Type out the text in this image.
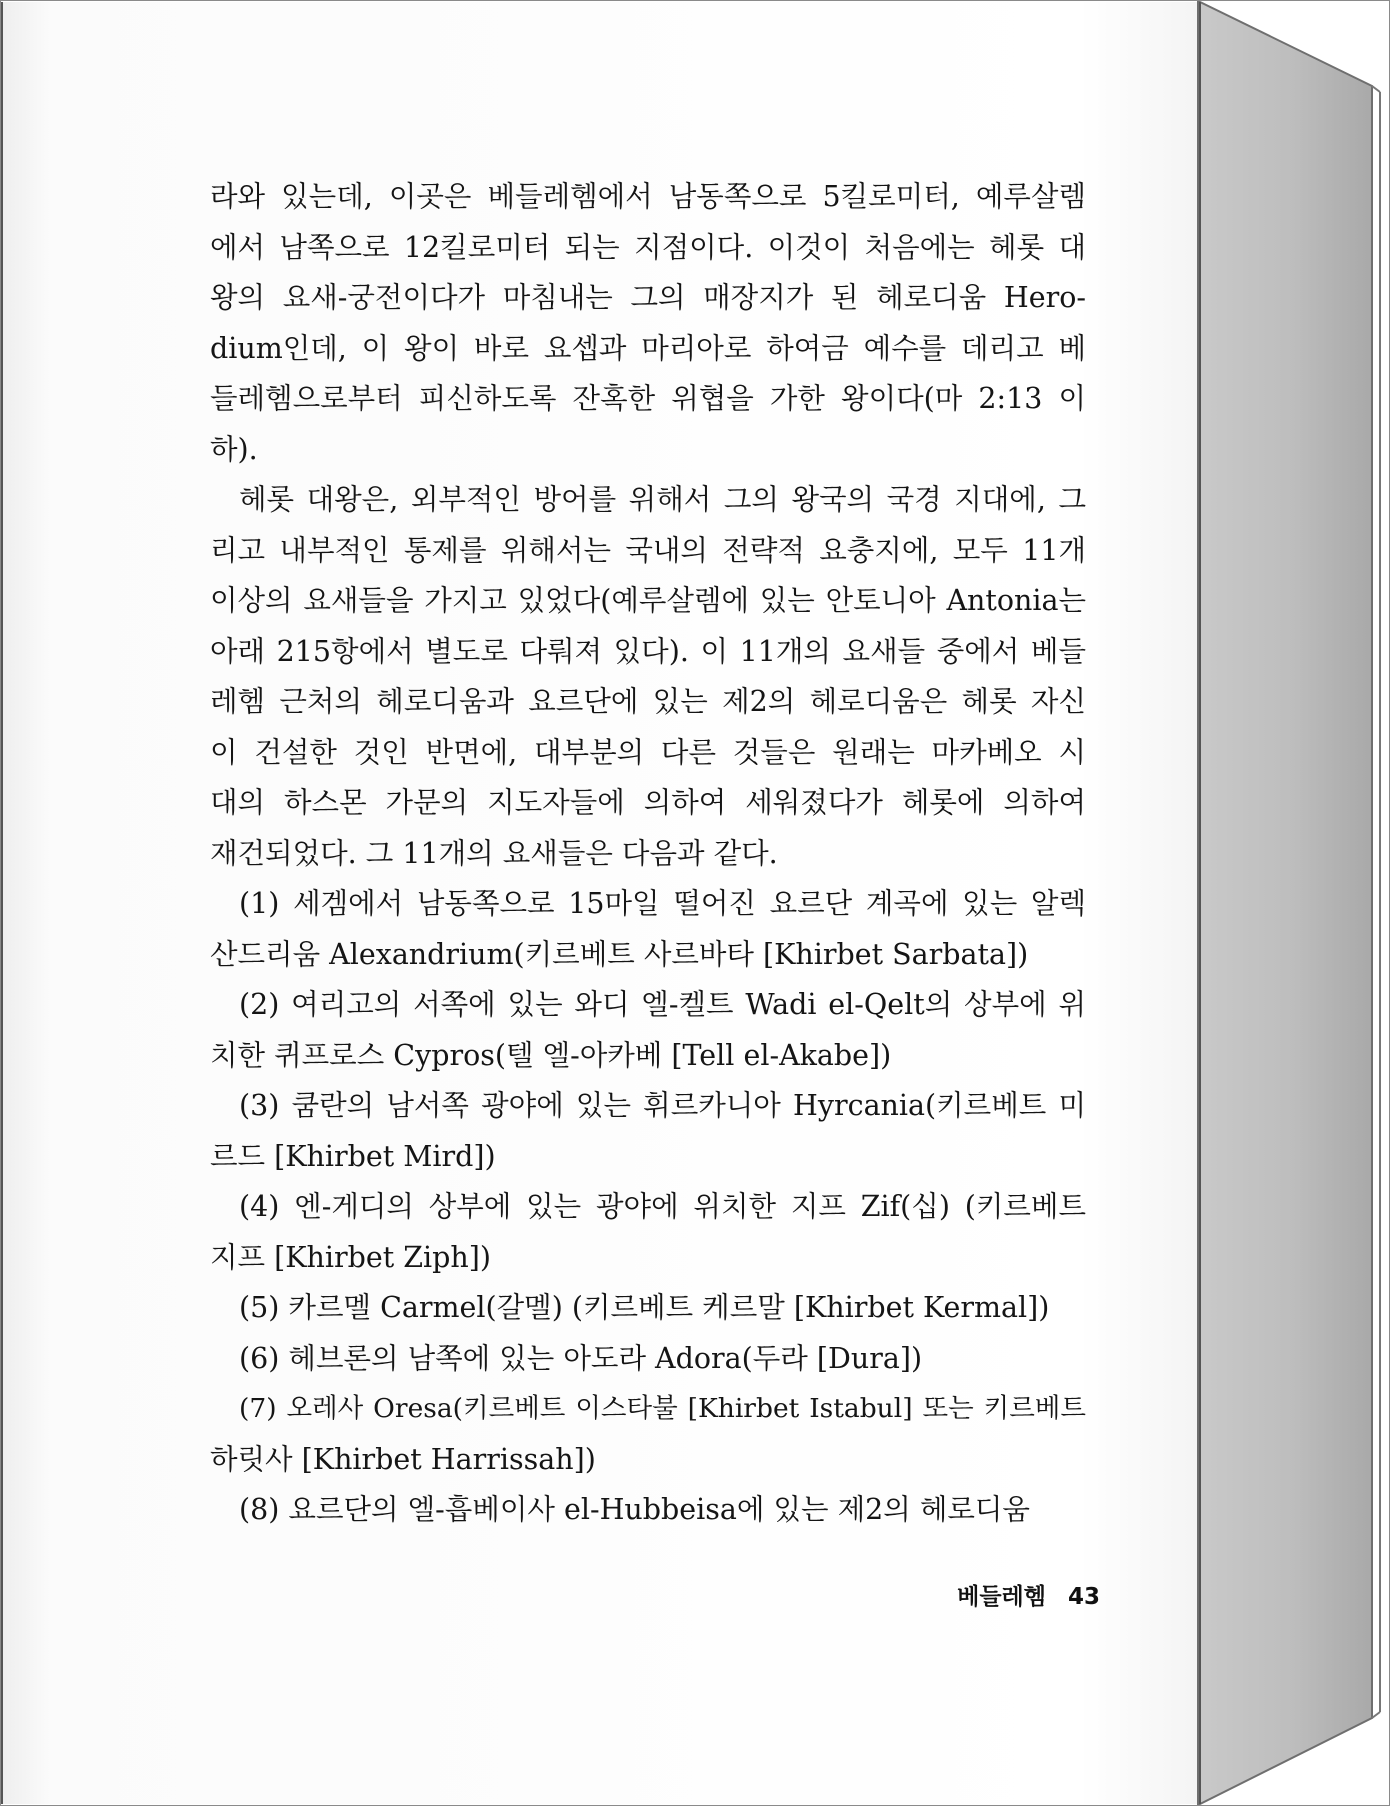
라와 있는데, 이곳은 베들레헴에서 남동쪽으로 5킬로미터, 예루살렘
에서 남쪽으로 12킬로미터 되는 지점이다. 이것이 처음에는 헤롯 대
왕의 요새-궁전이다가 마침내는 그의 매장지가 된 헤로디움 Hero-
dium인데, 이 왕이 바로 요셉과 마리아로 하여금 예수를 데리고 베
들레헴으로부터 피신하도록 잔혹한 위협을 가한 왕이다(마 2:13 이
하).

헤롯 대왕은, 외부적인 방어를 위해서 그의 왕국의 국경 지대에, 그
리고 내부적인 통제를 위해서는 국내의 전략적 요충지에, 모두 11개
이상의 요새들을 가지고 있었다(예루살렘에 있는 안토니아 Antonia는
아래 215항에서 별도로 다뤄져 있다). 이 11개의 요새들 중에서 베들
레헴 근처의 헤로디움과 요르단에 있는 제2의 헤로디움은 헤롯 자신
이 건설한 것인 반면에, 대부분의 다른 것들은 원래는 마카베오 시
대의 하스몬 가문의 지도자들에 의하여 세워졌다가 헤롯에 의하여
재건되었다. 그 11개의 요새들은 다음과 같다.

(1) 세겜에서 남동쪽으로 15마일 떨어진 요르단 계곡에 있는 알렉
산드리움 Alexandrium(키르베트 사르바타 [Khirbet Sarbata])

(2) 여리고의 서쪽에 있는 와디 엘-켈트 Wadi el-Qelt의 상부에 위
치한 퀴프로스 Cypros(텔 엘-아카베 [Tell el-Akabe])

(3) 쿰란의 남서쪽 광야에 있는 휘르카니아 Hyrcania(키르베트 미
르드 [Khirbet Mird])

(4) 엔-게디의 상부에 있는 광야에 위치한 지프 Zif(십) (키르베트
지프 [Khirbet Ziph])

(5) 카르멜 Carmel(갈멜) (키르베트 케르말 [Khirbet Kermal])

(6) 헤브론의 남쪽에 있는 아도라 Adora(두라 [Dura])

(7) 오레사 Oresa(키르베트 이스타불 [Khirbet Istabul] 또는 키르베트
하릿사 [Khirbet Harrissah])

(8) 요르단의 엘-흡베이사 el-Hubbeisa에 있는 제2의 헤로디움

베들레헴 43
